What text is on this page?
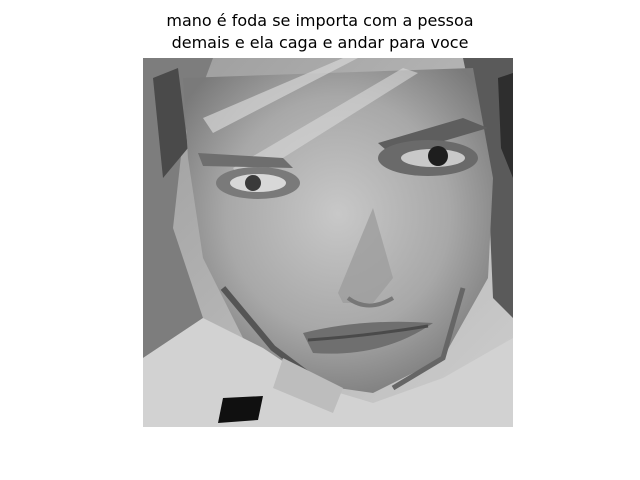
mano é foda se importa com a pessoa
demais e ela caga e andar para voce
